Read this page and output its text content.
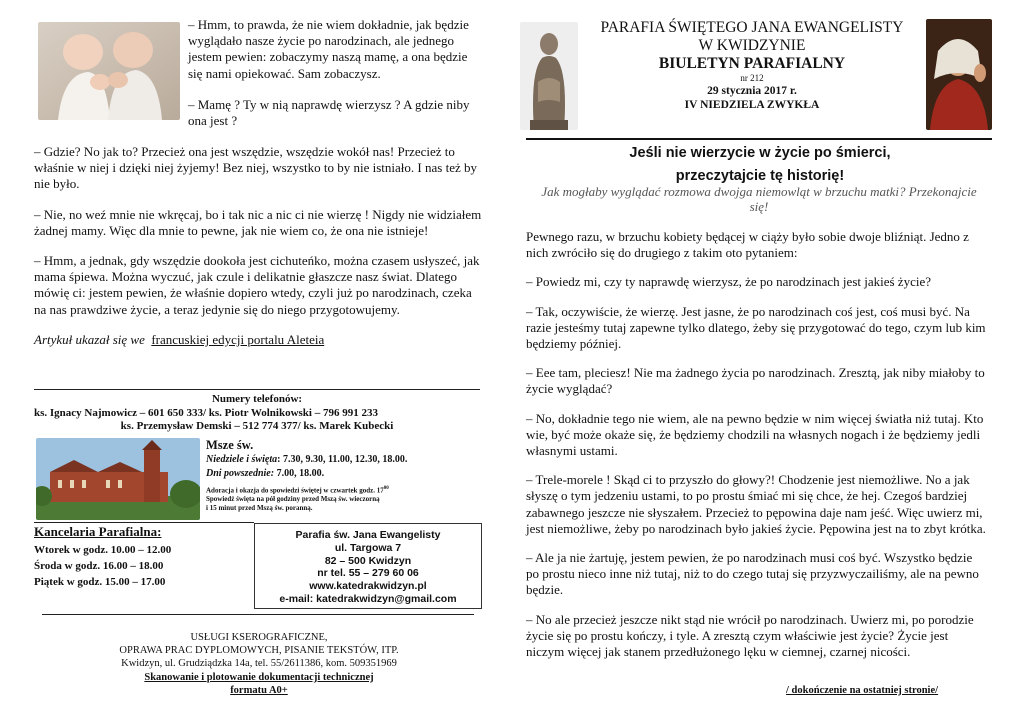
– Hmm, to prawda, że nie wiem dokładnie, jak będzie wyglądało nasze życie po narodzinach, ale jednego jestem pewien: zobaczymy naszą mamę, a ona będzie się nami opiekować. Sam zobaczysz.

– Mamę ? Ty w nią naprawdę wierzysz ? A gdzie niby ona jest ?

– Gdzie? No jak to? Przecież ona jest wszędzie, wszędzie wokół nas! Przecież to właśnie w niej i dzięki niej żyjemy! Bez niej, wszystko to by nie istniało. I nas też by nie było.

– Nie, no weź mnie nie wkręcaj, bo i tak nic a nic ci nie wierzę ! Nigdy nie widziałem żadnej mamy. Więc dla mnie to pewne, jak nie wiem co, że ona nie istnieje!

– Hmm, a jednak, gdy wszędzie dookoła jest cichuteńko, można czasem usłyszeć, jak mama śpiewa. Można wyczuć, jak czule i delikatnie głaszcze nasz świat. Dlatego mówię ci: jestem pewien, że właśnie dopiero wtedy, czyli już po narodzinach, czeka na nas prawdziwe życie, a teraz jedynie się do niego przygotowujemy.

Artykuł ukazał się we francuskiej edycji portalu Aleteia

Numery telefonów:

ks. Ignacy Najmowicz – 601 650 333/ ks. Piotr Wolnikowski – 796 991 233

ks. Przemysław Demski – 512 774 377/ ks. Marek Kubecki

Msze św.

Niedziele i święta: 7.30, 9.30, 11.00, 12.30, 18.00.

Dni powszednie: 7.00, 18.00.

Adoracja i okazja do spowiedzi świętej w czwartek godz. $17^{00}$

Spowiedź święta na pół godziny przed Mszą św. wieczorną

i 15 minut przed Mszą św. poranną.

Kancelaria Parafialna:

Wtorek w godz. 10.00 – 12.00

Środa w godz. 16.00 – 18.00

Piątek w godz. 15.00 – 17.00

Parafia św. Jana Ewangelisty

ul. Targowa 7

82 – 500 Kwidzyn

nr tel. 55 – 279 60 06

www.katedrakwidzyn.pl

e-mail: katedrakwidzyn@gmail.com

USŁUGI KSEROGRAFICZNE,

OPRAWA PRAC DYPLOMOWYCH, PISANIE TEKSTÓW, ITP.

Kwidzyn, ul. Grudziądzka 14a, tel. 55/2611386, kom. 509351969

Skanowanie i plotowanie dokumentacji technicznej

formatu A0+

PARAFIA ŚWIĘTEGO JANA EWANGELISTY

W KWIDZYNIE

BIULETYN PARAFIALNY

nr 212

29 stycznia 2017 r.

IV NIEDZIELA ZWYKŁA

Jeśli nie wierzycie w życie po śmierci,

przeczytajcie tę historię!

Jak mogłaby wyglądać rozmowa dwojga niemowląt w brzuchu matki? Przekonajcie się!

Pewnego razu, w brzuchu kobiety będącej w ciąży było sobie dwoje bliźniąt. Jedno z nich zwróciło się do drugiego z takim oto pytaniem:

– Powiedz mi, czy ty naprawdę wierzysz, że po narodzinach jest jakieś życie?

– Tak, oczywiście, że wierzę. Jest jasne, że po narodzinach coś jest, coś musi być. Na razie jesteśmy tutaj zapewne tylko dlatego, żeby się przygotować do tego, czym lub kim będziemy później.

– Eee tam, pleciesz! Nie ma żadnego życia po narodzinach. Zresztą, jak niby miałoby to życie wyglądać?

– No, dokładnie tego nie wiem, ale na pewno będzie w nim więcej światła niż tutaj. Kto wie, być może okaże się, że będziemy chodzili na własnych nogach i że będziemy jedli własnymi ustami.

– Trele-morele ! Skąd ci to przyszło do głowy?! Chodzenie jest niemożliwe. No a jak słyszę o tym jedzeniu ustami, to po prostu śmiać mi się chce, że hej. Czegoś bardziej zabawnego jeszcze nie słyszałem. Przecież to pępowina daje nam jeść. Więc uwierz mi, jest niemożliwe, żeby po narodzinach było jakieś życie. Pępowina jest na to zbyt krótka.

– Ale ja nie żartuję, jestem pewien, że po narodzinach musi coś być. Wszystko będzie po prostu nieco inne niż tutaj, niż to do czego tutaj się przyzwyczailiśmy, ale na pewno będzie.

– No ale przecież jeszcze nikt stąd nie wrócił po narodzinach. Uwierz mi, po porodzie życie się po prostu kończy, i tyle. A zresztą czym właściwie jest życie? Życie jest niczym więcej jak stanem przedłużonego lęku w ciemnej, czarnej nicości.

/ dokończenie na ostatniej stronie/
